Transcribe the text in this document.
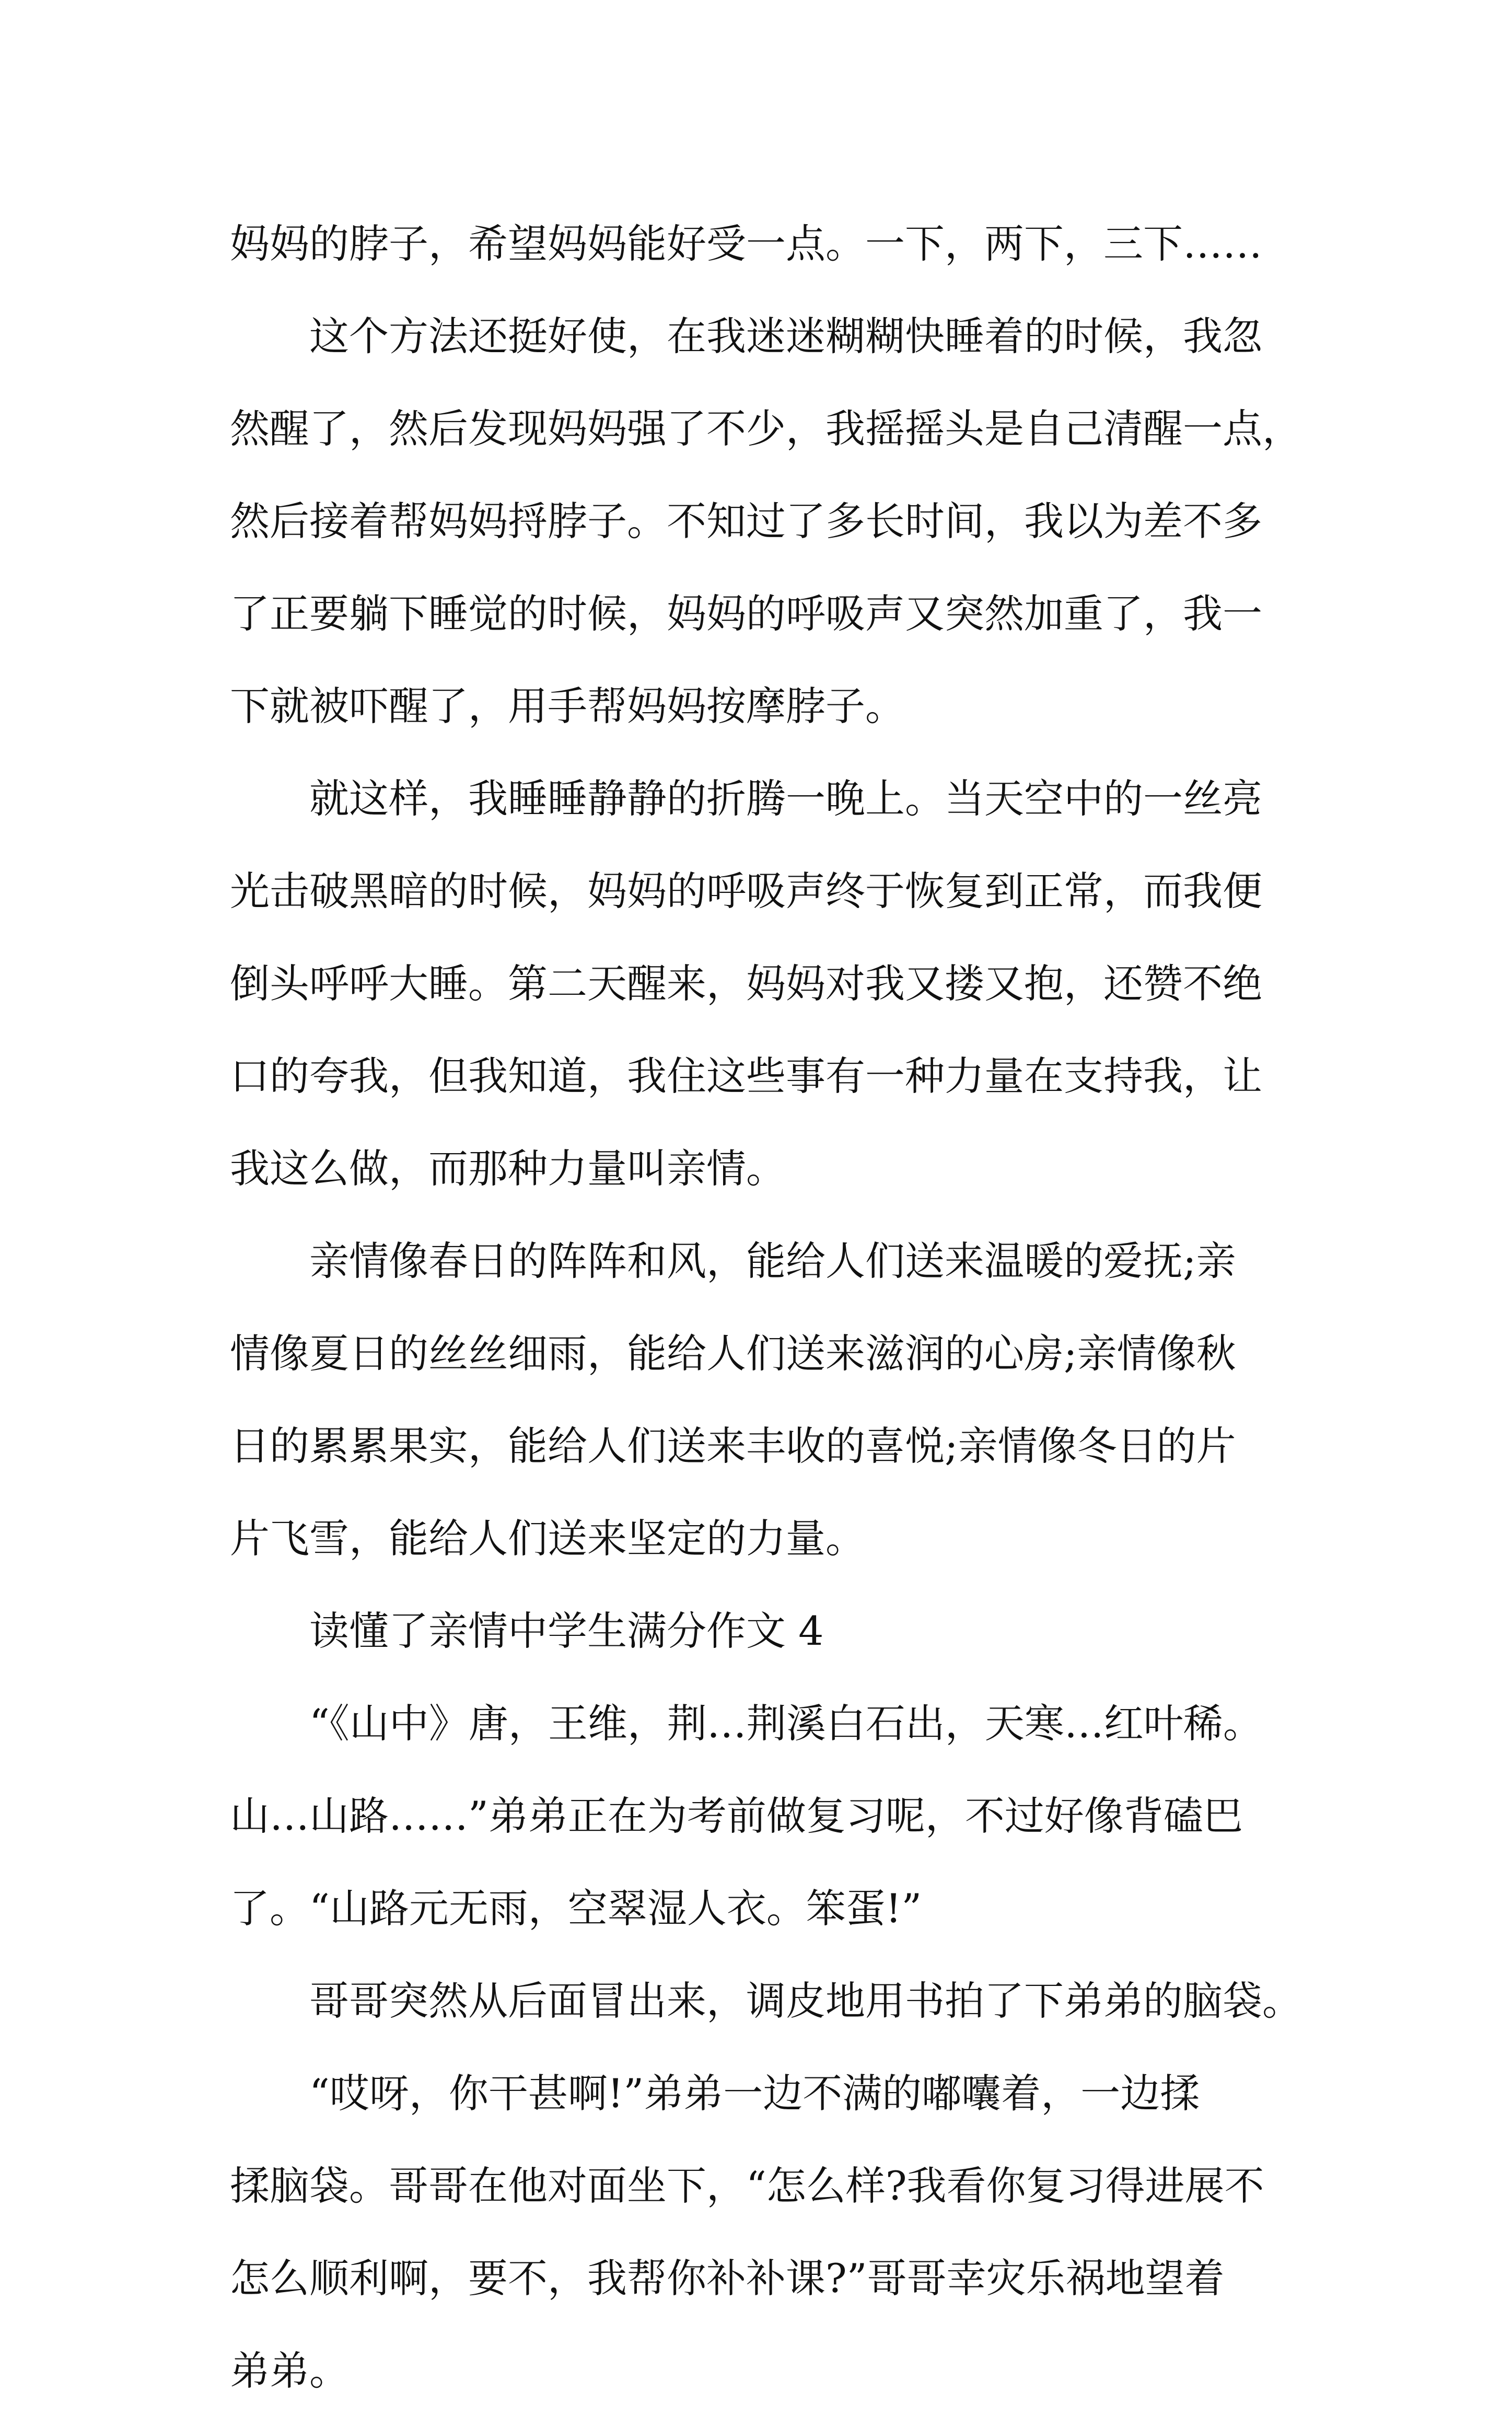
妈妈的脖子，希望妈妈能好受一点。一下，两下，三下……
这个方法还挺好使，在我迷迷糊糊快睡着的时候，我忽
然醒了，然后发现妈妈强了不少，我摇摇头是自己清醒一点，
然后接着帮妈妈捋脖子。不知过了多长时间，我以为差不多
了正要躺下睡觉的时候，妈妈的呼吸声又突然加重了，我一
下就被吓醒了，用手帮妈妈按摩脖子。
就这样，我睡睡静静的折腾一晚上。当天空中的一丝亮
光击破黑暗的时候，妈妈的呼吸声终于恢复到正常，而我便
倒头呼呼大睡。第二天醒来，妈妈对我又搂又抱，还赞不绝
口的夸我，但我知道，我住这些事有一种力量在支持我，让
我这么做，而那种力量叫亲情。
亲情像春日的阵阵和风，能给人们送来温暖的爱抚;亲
情像夏日的丝丝细雨，能给人们送来滋润的心房;亲情像秋
日的累累果实，能给人们送来丰收的喜悦;亲情像冬日的片
片飞雪，能给人们送来坚定的力量。
读懂了亲情中学生满分作文 4
“《山中》唐，王维，荆…荆溪白石出，天寒…红叶稀。
山…山路……”弟弟正在为考前做复习呢，不过好像背磕巴
了。“山路元无雨，空翠湿人衣。笨蛋!”
哥哥突然从后面冒出来，调皮地用书拍了下弟弟的脑袋。
“哎呀，你干甚啊!”弟弟一边不满的嘟囔着，一边揉
揉脑袋。哥哥在他对面坐下，“怎么样?我看你复习得进展不
怎么顺利啊，要不，我帮你补补课?”哥哥幸灾乐祸地望着
弟弟。
